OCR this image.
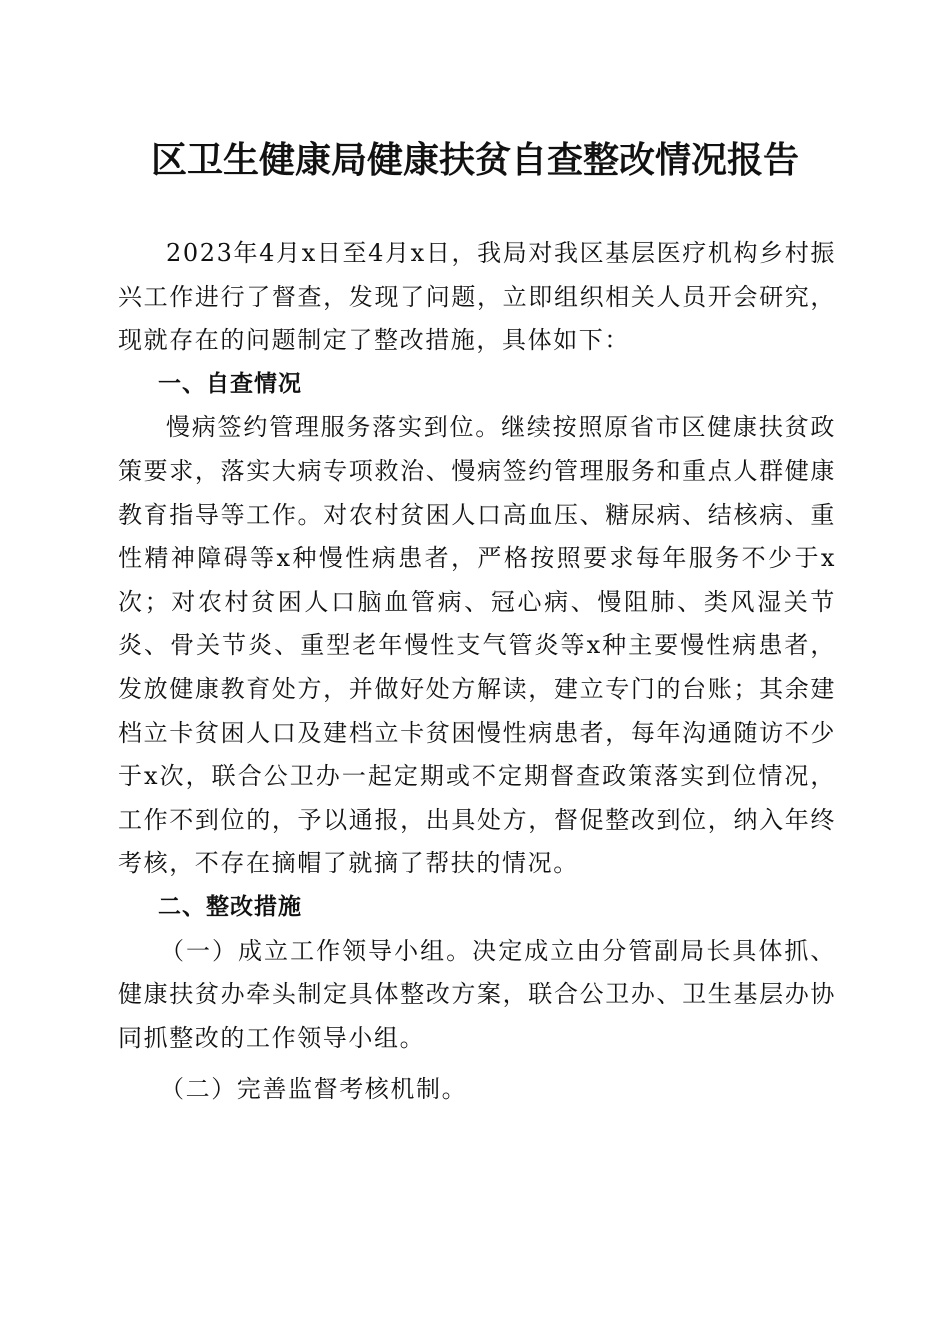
区卫生健康局健康扶贫自查整改情况报告

2023年4月x日至4月x日，我局对我区基层医疗机构乡村振兴工作进行了督查，发现了问题，立即组织相关人员开会研究，现就存在的问题制定了整改措施，具体如下：

一、自查情况

慢病签约管理服务落实到位。继续按照原省市区健康扶贫政策要求，落实大病专项救治、慢病签约管理服务和重点人群健康教育指导等工作。对农村贫困人口高血压、糖尿病、结核病、重性精神障碍等x种慢性病患者，严格按照要求每年服务不少于x次；对农村贫困人口脑血管病、冠心病、慢阻肺、类风湿关节炎、骨关节炎、重型老年慢性支气管炎等x种主要慢性病患者，发放健康教育处方，并做好处方解读，建立专门的台账；其余建档立卡贫困人口及建档立卡贫困慢性病患者，每年沟通随访不少于x次，联合公卫办一起定期或不定期督查政策落实到位情况，工作不到位的，予以通报，出具处方，督促整改到位，纳入年终考核，不存在摘帽了就摘了帮扶的情况。

二、整改措施

（一）成立工作领导小组。决定成立由分管副局长具体抓、健康扶贫办牵头制定具体整改方案，联合公卫办、卫生基层办协同抓整改的工作领导小组。

（二）完善监督考核机制。
